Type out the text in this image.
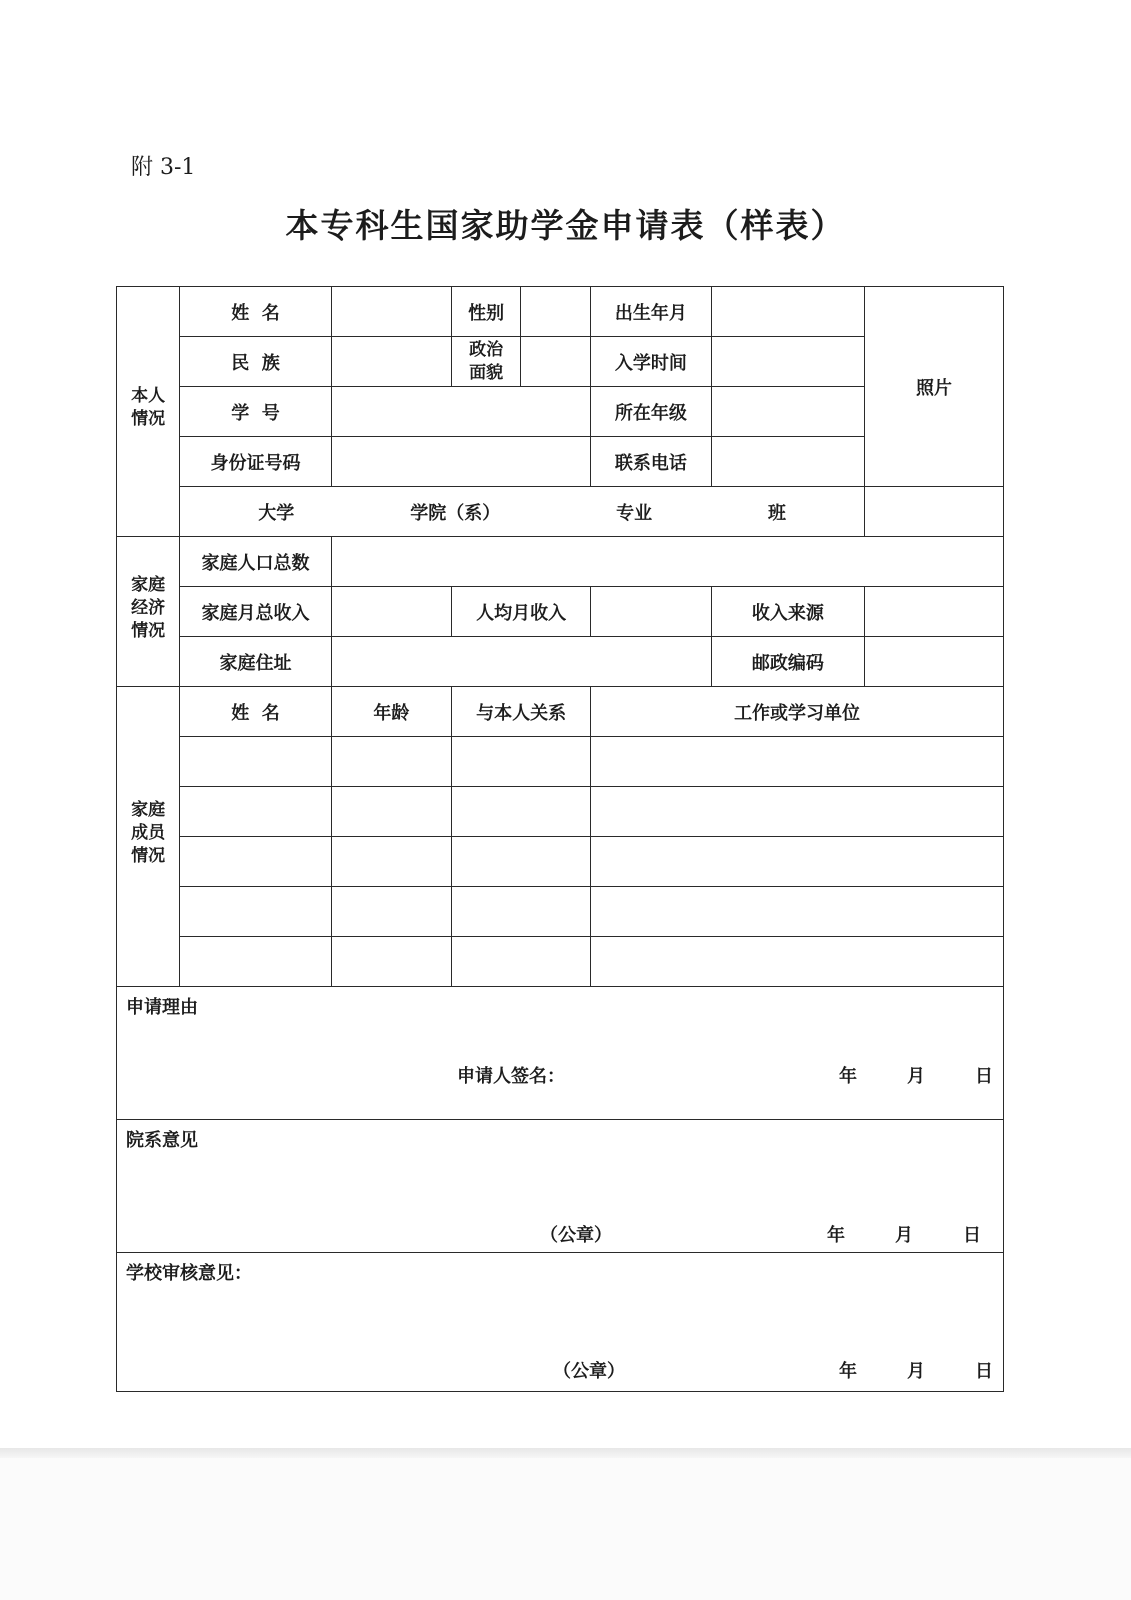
附 3-1
本专科生国家助学金申请表（样表）
本人情况	姓  名		性别	出生年月		照片
	民  族		政治面貌	入学时间		
	学  号			所在年级		
	身份证号码			联系电话		

	大学 学院（系） 专业 班					

家庭经济情况	家庭人口总数					
	家庭月总收入		人均月收入		收入来源	
	家庭住址				邮政编码	
家庭成员情况	姓  名	年龄	与本人关系	工作或学习单位		

申请理由
申请人签名： 年 月 日						

院系意见
（公章） 年 月 日						

学校审核意见：
（公章） 年 月 日						
